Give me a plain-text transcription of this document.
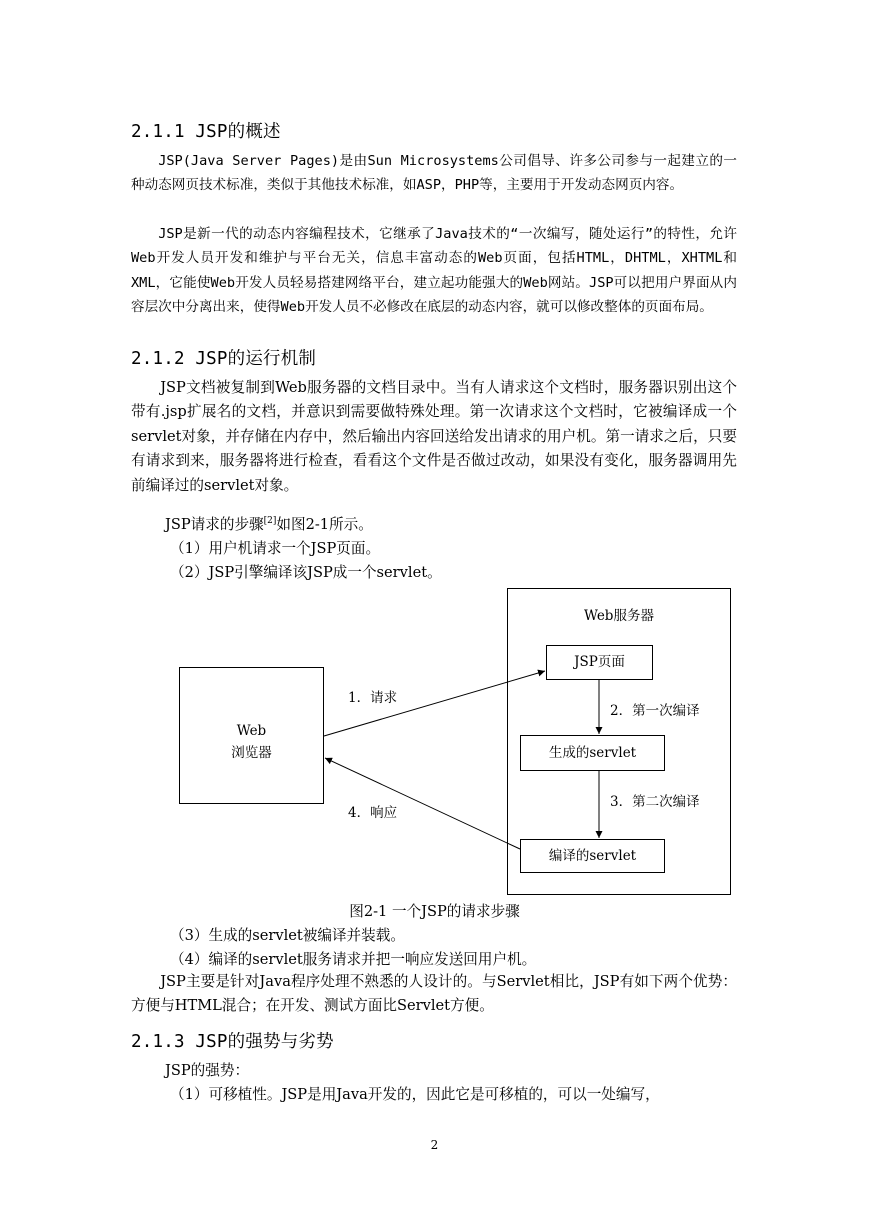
2.1.1 JSP的概述

JSP(Java Server Pages)是由Sun Microsystems公司倡导、许多公司参与一起建立的一种动态网页技术标准，类似于其他技术标准，如ASP，PHP等，主要用于开发动态网页内容。

JSP是新一代的动态内容编程技术，它继承了Java技术的“一次编写，随处运行”的特性，允许Web开发人员开发和维护与平台无关，信息丰富动态的Web页面，包括HTML，DHTML，XHTML和XML，它能使Web开发人员轻易搭建网络平台，建立起功能强大的Web网站。JSP可以把用户界面从内容层次中分离出来，使得Web开发人员不必修改在底层的动态内容，就可以修改整体的页面布局。

2.1.2 JSP的运行机制

JSP文档被复制到Web服务器的文档目录中。当有人请求这个文档时，服务器识别出这个带有.jsp扩展名的文档，并意识到需要做特殊处理。第一次请求这个文档时，它被编译成一个servlet对象，并存储在内存中，然后输出内容回送给发出请求的用户机。第一请求之后，只要有请求到来，服务器将进行检查，看看这个文件是否做过改动，如果没有变化，服务器调用先前编译过的servlet对象。

JSP请求的步骤[2]如图2-1所示。

（1）用户机请求一个JSP页面。

（2）JSP引擎编译该JSP成一个servlet。

Web服务器
JSP页面
生成的servlet
编译的servlet
Web
浏览器
1．请求
2．第一次编译
3．第二次编译
4．响应

图2-1 一个JSP的请求步骤

（3）生成的servlet被编译并装载。

（4）编译的servlet服务请求并把一响应发送回用户机。

JSP主要是针对Java程序处理不熟悉的人设计的。与Servlet相比，JSP有如下两个优势：方便与HTML混合；在开发、测试方面比Servlet方便。

2.1.3 JSP的强势与劣势

JSP的强势：

（1）可移植性。JSP是用Java开发的，因此它是可移植的，可以一处编写，

2
